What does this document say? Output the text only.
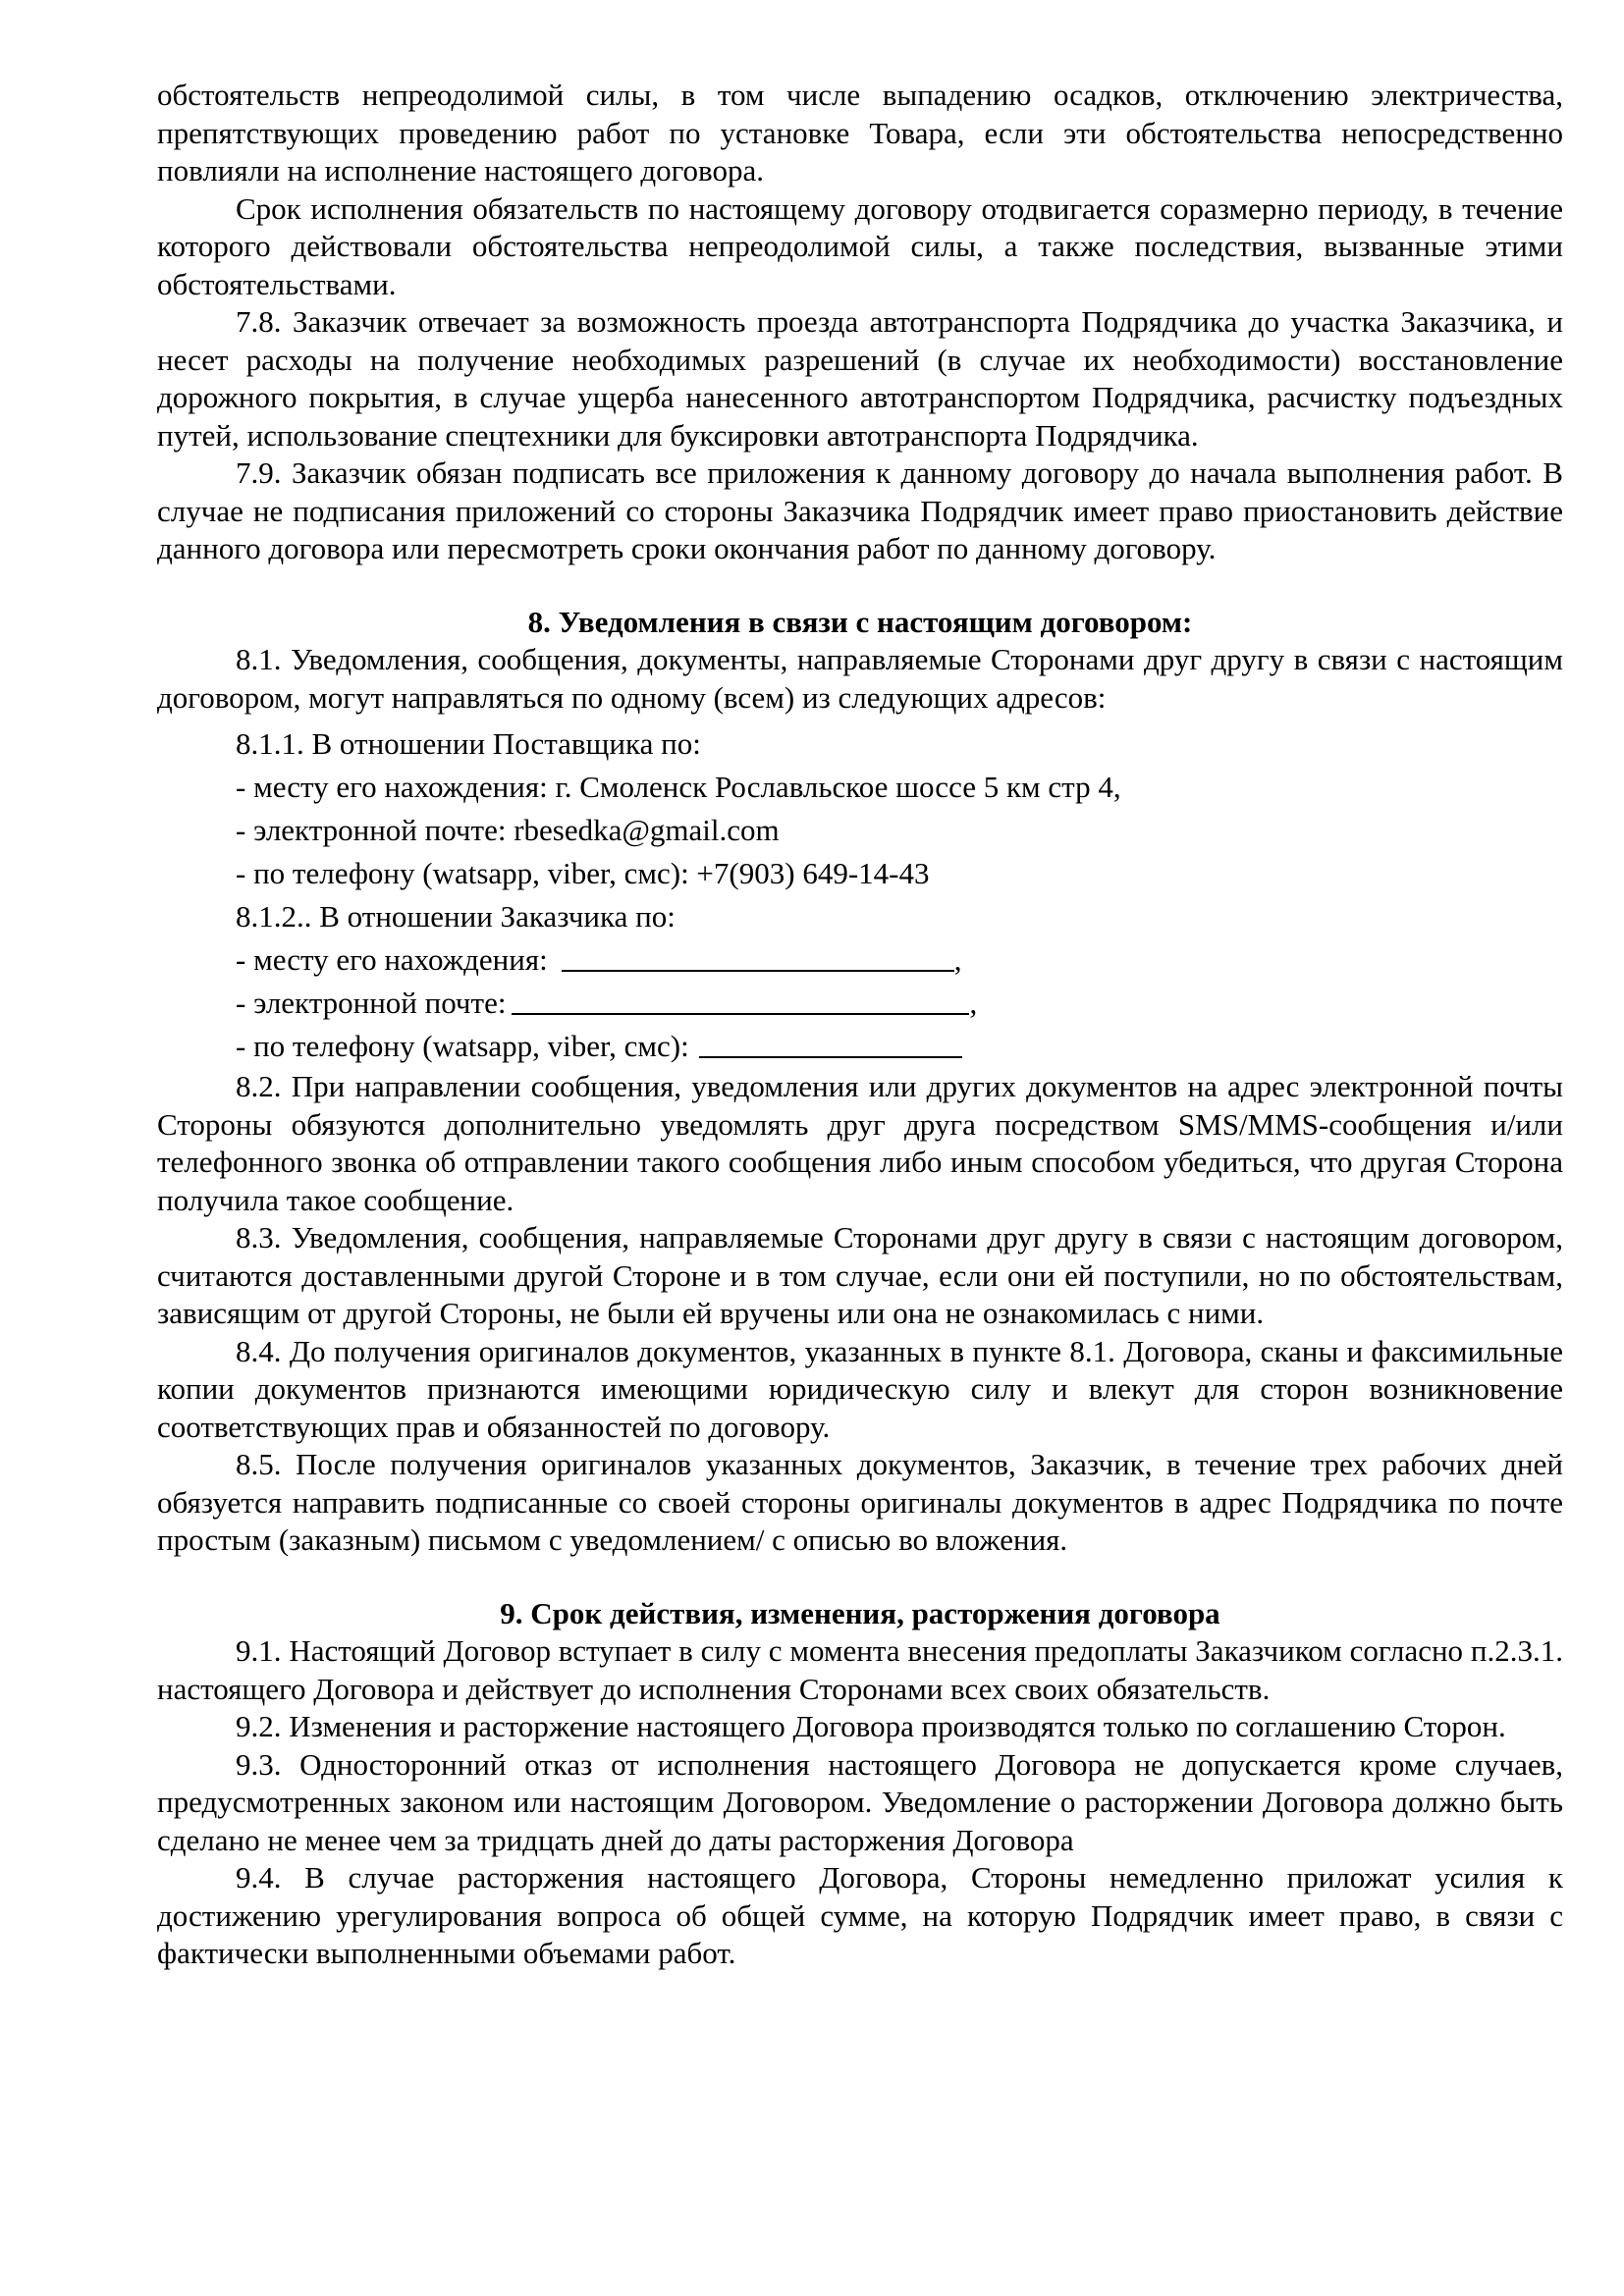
обстоятельств непреодолимой силы, в том числе выпадению осадков, отключению электричества, препятствующих проведению работ по установке Товара, если эти обстоятельства непосредственно повлияли на исполнение настоящего договора.

Срок исполнения обязательств по настоящему договору отодвигается соразмерно периоду, в течение которого действовали обстоятельства непреодолимой силы, а также последствия, вызванные этими обстоятельствами.

7.8. Заказчик отвечает за возможность проезда автотранспорта Подрядчика до участка Заказчика, и несет расходы на получение необходимых разрешений (в случае их необходимости) восстановление дорожного покрытия, в случае ущерба нанесенного автотранспортом Подрядчика, расчистку подъездных путей, использование спецтехники для буксировки автотранспорта Подрядчика.

7.9. Заказчик обязан подписать все приложения к данному договору до начала выполнения работ. В случае не подписания приложений со стороны Заказчика Подрядчик имеет право приостановить действие данного договора или пересмотреть сроки окончания работ по данному договору.

8. Уведомления в связи с настоящим договором:

8.1. Уведомления, сообщения, документы, направляемые Сторонами друг другу в связи с настоящим договором, могут направляться по одному (всем) из следующих адресов:

8.1.1. В отношении Поставщика по:

- месту его нахождения: г. Смоленск Рославльское шоссе 5 км стр 4,

- электронной почте: rbesedka@gmail.com

- по телефону (watsapp, viber, смс): +7(903) 649-14-43

8.1.2.. В отношении Заказчика по:

- месту его нахождения:	,

- электронной почте:	,

- по телефону (watsapp, viber, смс):

8.2. При направлении сообщения, уведомления или других документов на адрес электронной почты Стороны обязуются дополнительно уведомлять друг друга посредством SMS/MMS-сообщения и/или телефонного звонка об отправлении такого сообщения либо иным способом убедиться, что другая Сторона получила такое сообщение.

8.3. Уведомления, сообщения, направляемые Сторонами друг другу в связи с настоящим договором, считаются доставленными другой Стороне и в том случае, если они ей поступили, но по обстоятельствам, зависящим от другой Стороны, не были ей вручены или она не ознакомилась с ними.

8.4. До получения оригиналов документов, указанных в пункте 8.1. Договора, сканы и факсимильные копии документов признаются имеющими юридическую силу и влекут для сторон возникновение соответствующих прав и обязанностей по договору.

8.5. После получения оригиналов указанных документов, Заказчик, в течение трех рабочих дней обязуется направить подписанные со своей стороны оригиналы документов в адрес Подрядчика по почте простым (заказным) письмом с уведомлением/ с описью во вложения.

9. Срок действия, изменения, расторжения договора

9.1. Настоящий Договор вступает в силу с момента внесения предоплаты Заказчиком согласно п.2.3.1. настоящего Договора и действует до исполнения Сторонами всех своих обязательств.

9.2. Изменения и расторжение настоящего Договора производятся только по соглашению Сторон.

9.3. Односторонний отказ от исполнения настоящего Договора не допускается кроме случаев, предусмотренных законом или настоящим Договором. Уведомление о расторжении Договора должно быть сделано не менее чем за тридцать дней до даты расторжения Договора

9.4. В случае расторжения настоящего Договора, Стороны немедленно приложат усилия к достижению урегулирования вопроса об общей сумме, на которую Подрядчик имеет право, в связи с фактически выполненными объемами работ.
